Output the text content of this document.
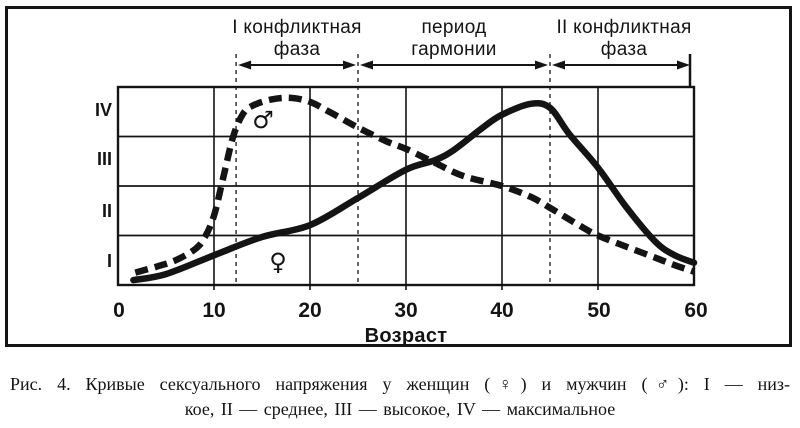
I конфликтная
фаза
период
гармонии
II конфликтная
фаза
IV
III
II
I
0	10	20	30	40	50	60
Возраст
♂
♀
Рис. 4. Кривые сексуального напряжения у женщин (♀) и мужчин (♂): I — низ-
кое, II — среднее, III — высокое, IV — максимальное
